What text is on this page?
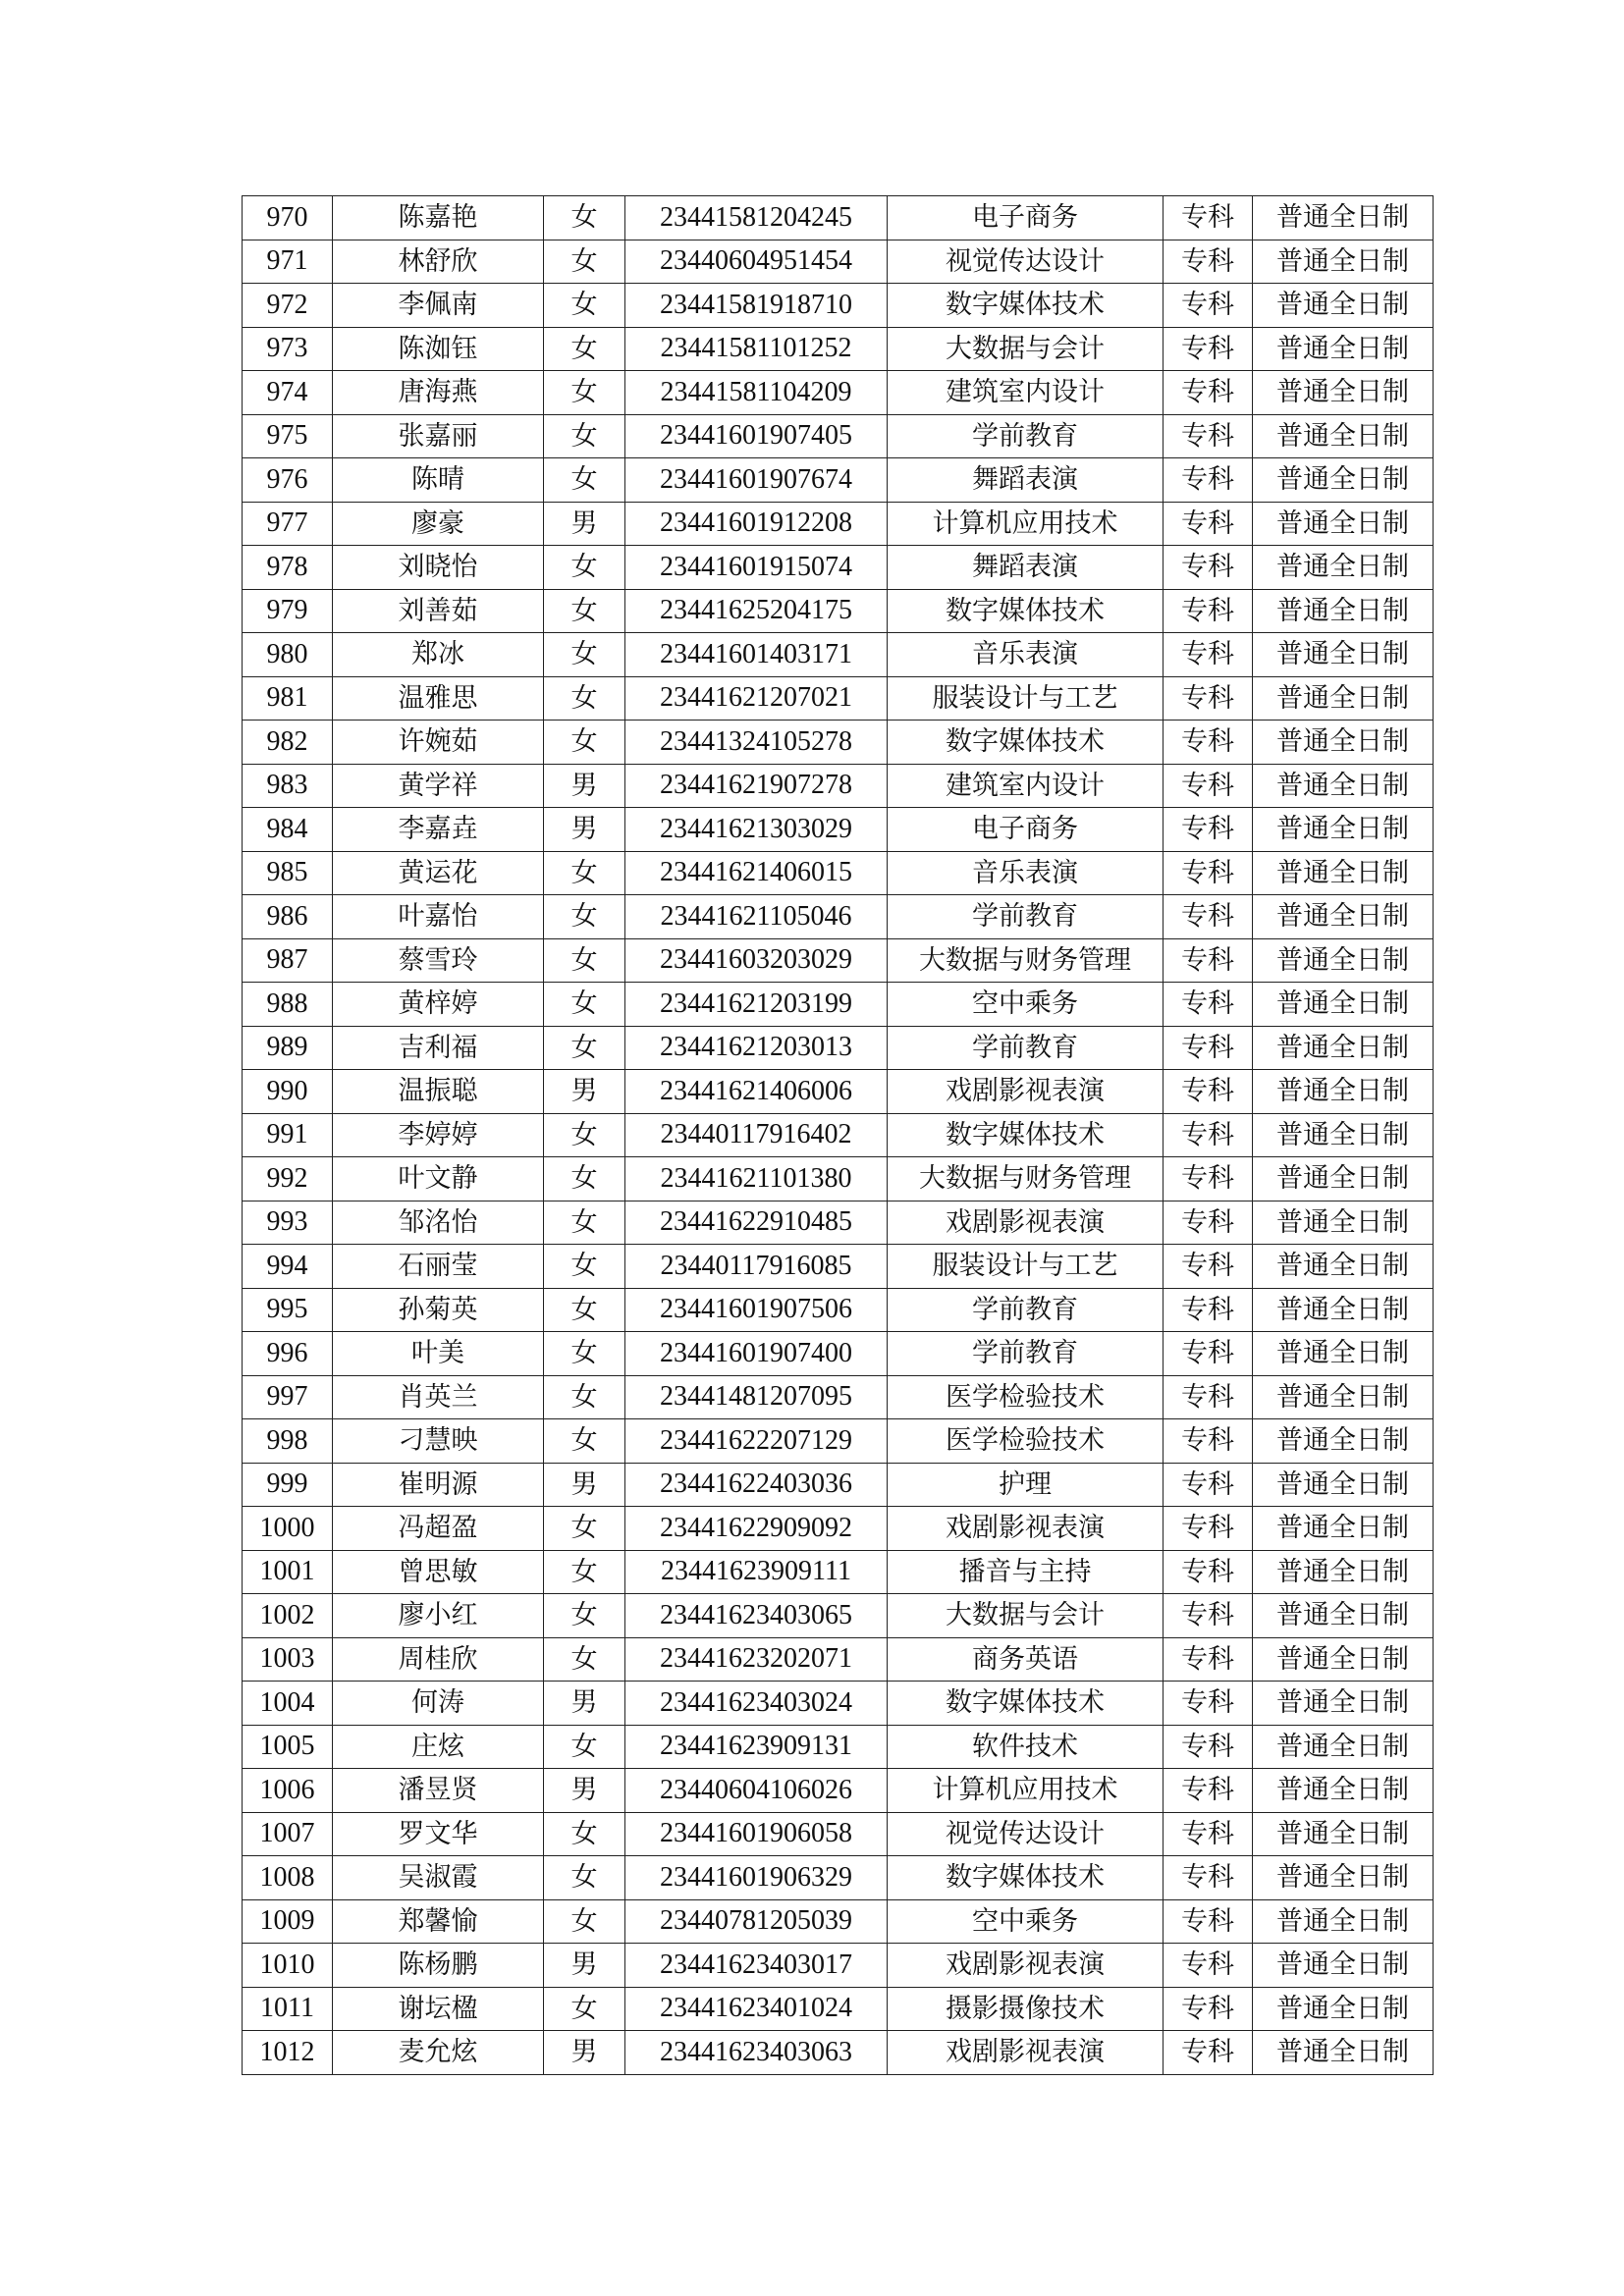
970	陈嘉艳	女	23441581204245	电子商务	专科	普通全日制
971	林舒欣	女	23440604951454	视觉传达设计	专科	普通全日制
972	李佩南	女	23441581918710	数字媒体技术	专科	普通全日制
973	陈洳钰	女	23441581101252	大数据与会计	专科	普通全日制
974	唐海燕	女	23441581104209	建筑室内设计	专科	普通全日制
975	张嘉丽	女	23441601907405	学前教育	专科	普通全日制
976	陈晴	女	23441601907674	舞蹈表演	专科	普通全日制
977	廖豪	男	23441601912208	计算机应用技术	专科	普通全日制
978	刘晓怡	女	23441601915074	舞蹈表演	专科	普通全日制
979	刘善茹	女	23441625204175	数字媒体技术	专科	普通全日制
980	郑冰	女	23441601403171	音乐表演	专科	普通全日制
981	温雅思	女	23441621207021	服装设计与工艺	专科	普通全日制
982	许婉茹	女	23441324105278	数字媒体技术	专科	普通全日制
983	黄学祥	男	23441621907278	建筑室内设计	专科	普通全日制
984	李嘉垚	男	23441621303029	电子商务	专科	普通全日制
985	黄运花	女	23441621406015	音乐表演	专科	普通全日制
986	叶嘉怡	女	23441621105046	学前教育	专科	普通全日制
987	蔡雪玲	女	23441603203029	大数据与财务管理	专科	普通全日制
988	黄梓婷	女	23441621203199	空中乘务	专科	普通全日制
989	吉利福	女	23441621203013	学前教育	专科	普通全日制
990	温振聪	男	23441621406006	戏剧影视表演	专科	普通全日制
991	李婷婷	女	23440117916402	数字媒体技术	专科	普通全日制
992	叶文静	女	23441621101380	大数据与财务管理	专科	普通全日制
993	邹洺怡	女	23441622910485	戏剧影视表演	专科	普通全日制
994	石丽莹	女	23440117916085	服装设计与工艺	专科	普通全日制
995	孙菊英	女	23441601907506	学前教育	专科	普通全日制
996	叶美	女	23441601907400	学前教育	专科	普通全日制
997	肖英兰	女	23441481207095	医学检验技术	专科	普通全日制
998	刁慧映	女	23441622207129	医学检验技术	专科	普通全日制
999	崔明源	男	23441622403036	护理	专科	普通全日制
1000	冯超盈	女	23441622909092	戏剧影视表演	专科	普通全日制
1001	曾思敏	女	23441623909111	播音与主持	专科	普通全日制
1002	廖小红	女	23441623403065	大数据与会计	专科	普通全日制
1003	周桂欣	女	23441623202071	商务英语	专科	普通全日制
1004	何涛	男	23441623403024	数字媒体技术	专科	普通全日制
1005	庄炫	女	23441623909131	软件技术	专科	普通全日制
1006	潘昱贤	男	23440604106026	计算机应用技术	专科	普通全日制
1007	罗文华	女	23441601906058	视觉传达设计	专科	普通全日制
1008	吴淑霞	女	23441601906329	数字媒体技术	专科	普通全日制
1009	郑馨愉	女	23440781205039	空中乘务	专科	普通全日制
1010	陈杨鹏	男	23441623403017	戏剧影视表演	专科	普通全日制
1011	谢坛楹	女	23441623401024	摄影摄像技术	专科	普通全日制
1012	麦允炫	男	23441623403063	戏剧影视表演	专科	普通全日制
